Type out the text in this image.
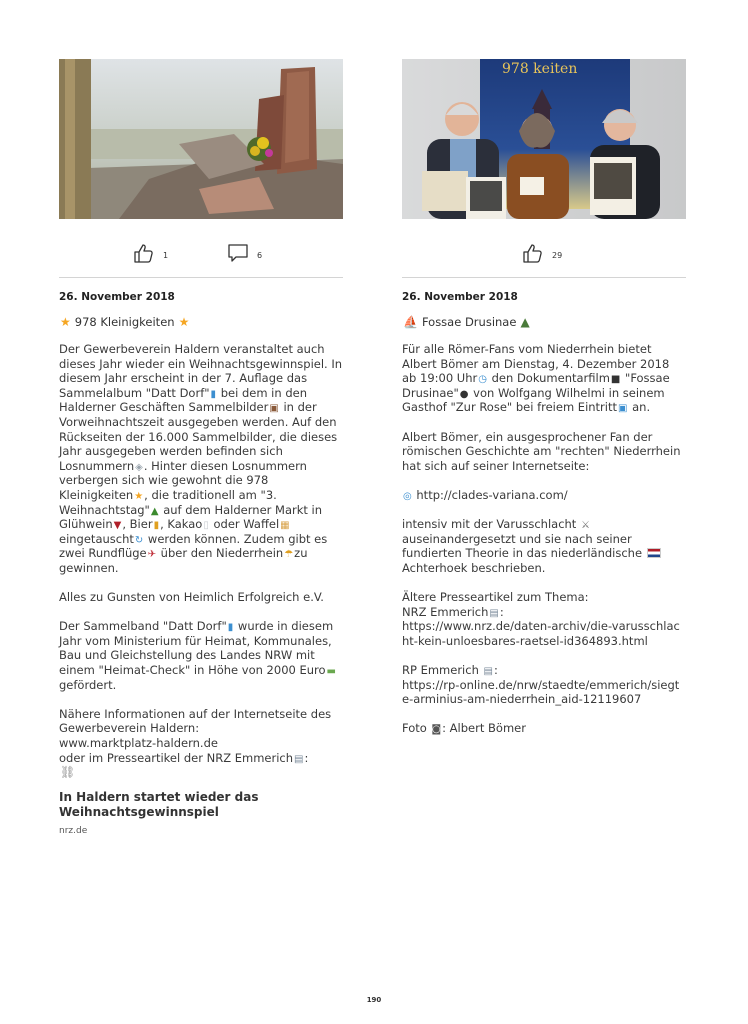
1	6
26. November 2018
★ 978 Kleinigkeiten ★

Der Gewerbeverein Haldern veranstaltet auch dieses Jahr wieder ein Weihnachtsgewinnspiel. In diesem Jahr erscheint in der 7. Auflage das Sammelalbum "Datt Dorf"▮ bei dem in den Halderner Geschäften Sammelbilder▣ in der Vorweihnachtszeit ausgegeben werden. Auf den Rückseiten der 16.000 Sammelbilder, die dieses Jahr ausgegeben werden befinden sich Losnummern◈. Hinter diesen Losnummern verbergen sich wie gewohnt die 978 Kleinigkeiten★, die traditionell am "3. Weihnachtstag"▲ auf dem Halderner Markt in Glühwein▼, Bier▮, Kakao▯ oder Waffel▦ eingetauscht↻ werden können. Zudem gibt es zwei Rundflüge✈ über den Niederrhein☂zu gewinnen.

Alles zu Gunsten von Heimlich Erfolgreich e.V.

Der Sammelband "Datt Dorf"▮ wurde in diesem Jahr vom Ministerium für Heimat, Kommunales, Bau und Gleichstellung des Landes NRW mit einem "Heimat-Check" in Höhe von 2000 Euro▬ gefördert.

Nähere Informationen auf der Internetseite des Gewerbeverein Haldern:
www.marktplatz-haldern.de
oder im Presseartikel der NRZ Emmerich▤:
⛓

In Haldern startet wieder das Weihnachtsgewinnspiel
nrz.de
978 keiten
29
26. November 2018
⛵ Fossae Drusinae ▲

Für alle Römer-Fans vom Niederrhein bietet Albert Bömer am Dienstag, 4. Dezember 2018 ab 19:00 Uhr◷ den Dokumentarfilm■ "Fossae Drusinae"● von Wolfgang Wilhelmi in seinem Gasthof "Zur Rose" bei freiem Eintritt▣ an.

Albert Bömer, ein ausgesprochener Fan der römischen Geschichte am "rechten" Niederrhein hat sich auf seiner Internetseite:

◎ http://clades-variana.com/

intensiv mit der Varusschlacht ⚔ auseinandergesetzt und sie nach seiner fundierten Theorie in das niederländische  Achterhoek beschrieben.

Ältere Presseartikel zum Thema:
NRZ Emmerich▤:
https://www.nrz.de/daten-archiv/die-varusschlacht-kein-unloesbares-raetsel-id364893.html

RP Emmerich ▤:
https://rp-online.de/nrw/staedte/emmerich/siegte-arminius-am-niederrhein_aid-12119607

Foto ◙: Albert Bömer

190
